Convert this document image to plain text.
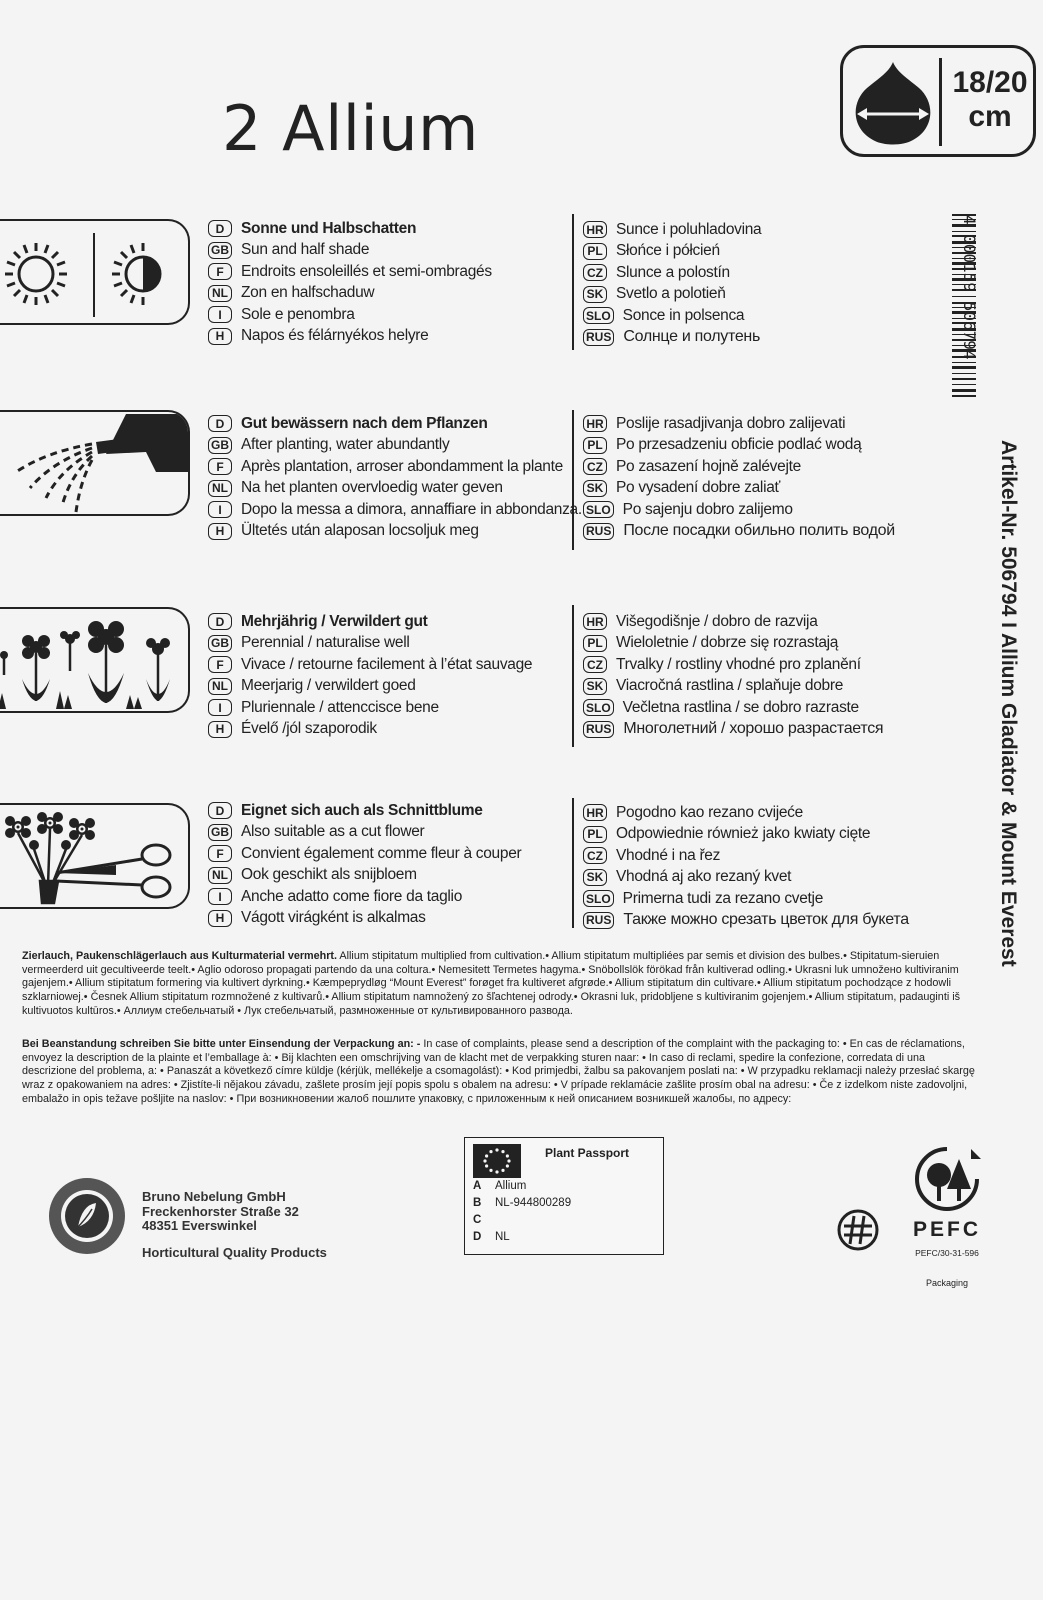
2 Allium
18/20
cm
4 000159 506794
Artikel-Nr. 506794 I Allium Gladiator & Mount Everest
D	Sonne und Halbschatten
GB Sun and half shade
F	Endroits ensoleillés et semi-ombragés
NL Zon en halfschaduw
I	Sole e penombra
H	Napos és félárnyékos helyre
HR Sunce i poluhladovina
PL Słońce i półcień
CZ Slunce a polostín
SK Svetlo a polotieň
SLO Sonce in polsenca
RUS Солнце и полутень
D	Gut bewässern nach dem Pflanzen
GB After planting, water abundantly
F	Après plantation, arroser abondamment la plante
NL Na het planten overvloedig water geven
I	Dopo la messa a dimora, annaffiare in abbondanza.
H	Ültetés után alaposan locsoljuk meg
HR Poslije rasadjivanja dobro zalijevati
PL Po przesadzeniu obficie podlać wodą
CZ Po zasazení hojně zalévejte
SK Po vysadení dobre zaliať
SLO Po sajenju dobro zalijemo
RUS После посадки обильно полить водой
D	Mehrjährig / Verwildert gut
GB Perennial / naturalise well
F	Vivace / retourne facilement à l’état sauvage
NL Meerjarig / verwildert goed
I	Pluriennale / attencciscе bene
H	Évelő /jól szaporodik
HR Višegodišnje / dobro de razvija
PL Wieloletnie / dobrze się rozrastają
CZ Trvalky / rostliny vhodné pro zplanění
SK Viacročná rastlina / splaňuje dobre
SLO Večletna rastlina / se dobro razraste
RUS Многолетний / хорошо разрастается
D	Eignet sich auch als Schnittblume
GB Also suitable as a cut flower
F	Convient également comme fleur à couper
NL Ook geschikt als snijbloem
I	Anche adatto come fiore da taglio
H	Vágott virágként is alkalmas
HR Pogodno kao rezano cvijeće
PL Odpowiednie również jako kwiaty cięte
CZ Vhodné i na řez
SK Vhodná aj ako rezaný kvet
SLO Primerna tudi za rezano cvetje
RUS Также можно срезать цветок для букета
Zierlauch, Paukenschlägerlauch aus Kulturmaterial vermehrt. Allium stipitatum multiplied from cultivation.• Allium stipitatum multipliées par semis et division des bulbes.• Stipitatum-sieruien vermeerderd uit gecultiveerde teelt.• Aglio odoroso propagati partendo da una coltura.• Nemesitett Termetes hagyma.• Snöbollslök förökad från kultiverad odling.• Ukrasni luk umnožено kultiviranim gajenjem.• Allium stipitatum formering via kultivert dyrkning.• Kæmpeprydløg “Mount Everest” forøget fra kultiveret afgrøde.• Allium stipitatum din cultivare.• Allium stipitatum pochodzące z hodowli szklarniowej.• Česnek Allium stipitatum rozmnožené z kultivarů.• Allium stipitatum namnožený zo šľachtenej odrody.• Okrasni luk, pridobljene s kultiviranim gojenjem.• Allium stipitatum, padauginti iš kultivuotos kultūros.• Аллиум стебельчатый • Лук стебельчатый, размноженные от культивированного развода.
Bei Beanstandung schreiben Sie bitte unter Einsendung der Verpackung an: - In case of complaints, please send a description of the complaint with the packaging to: • En cas de réclamations, envoyez la description de la plainte et l’emballage à: • Bij klachten een omschrijving van de klacht met de verpakking sturen naar: • In caso di reclami, spedire la confezione, corredata di una descrizione del problema, a: • Panaszát a következő címre küldje (kérjük, mellékelje a csomagolást): • Kod primjedbi, žalbu sa pakovanjem poslati na: • W przypadku reklamacji należy przesłać skargę wraz z opakowaniem na adres: • Zjistíte-li nějakou závadu, zašlete prosím její popis spolu s obalem na adresu: • V prípade reklamácie zašlite prosím obal na adresu: • Če z izdelkom niste zadovoljni, embalažo in opis težave pošljite na naslov: • При возникновении жалоб пошлите упаковку, с приложенным к ней описанием возникшей жалобы, по адресу:
Bruno Nebelung GmbH
Freckenhorster Straße 32
48351 Everswinkel
Horticultural Quality Products
Plant Passport
A Allium
B NL-944800289
C
D NL	PEFC
PEFC/30-31-596
Packaging
